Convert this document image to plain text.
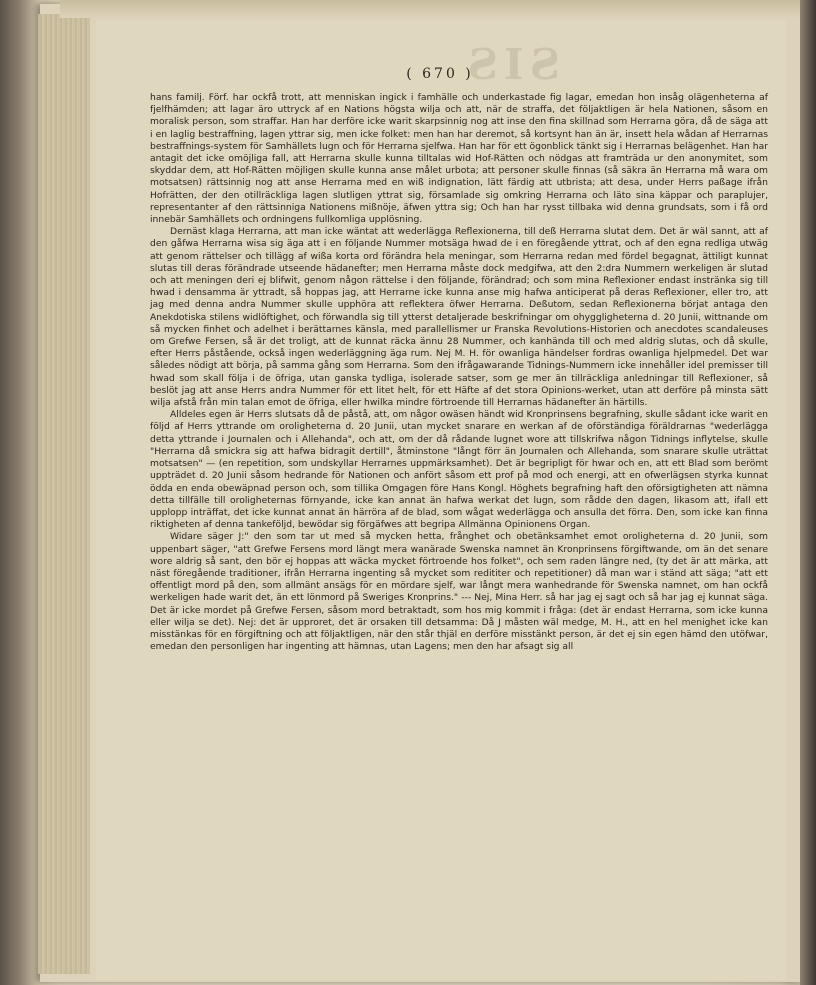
SIS
( 670 )

hans familj. Förf. har ockfå trott, att menniskan ingick i famhälle och underkastade fig lagar, emedan hon insåg olägenheterna af fjelfhämden; att lagar äro uttryck af en Nations högsta wilja och att, när de straffa, det följaktligen är hela Nationen, såsom en moralisk person, som straffar. Han har derföre icke warit skarpsinnig nog att inse den fina skillnad som Herrarna göra, då de säga att i en laglig bestraffning, lagen yttrar sig, men icke folket: men han har deremot, så kortsynt han än är, insett hela wådan af Herrarnas bestraffnings-system för Samhällets lugn och för Herrarna sjelfwa. Han har för ett ögonblick tänkt sig i Herrarnas belägenhet. Han har antagit det icke omöjliga fall, att Herrarna skulle kunna tilltalas wid Hof-Rätten och nödgas att framträda ur den anonymitet, som skyddar dem, att Hof-Rätten möjligen skulle kunna anse målet urbota; att personer skulle finnas (så säkra än Herrarna må wara om motsatsen) rättsinnig nog att anse Herrarna med en wiß indignation, lätt färdig att utbrista; att desa, under Herrs paßage ifrån Hofrätten, der den otillräckliga lagen slutligen yttrat sig, församlade sig omkring Herrarna och läto sina käppar och paraplujer, representanter af den rättsinniga Nationens mißnöje, äfwen yttra sig; Och han har rysst tillbaka wid denna grundsats, som i få ord innebär Samhällets och ordningens fullkomliga upplösning.

Dernäst klaga Herrarna, att man icke wäntat att wederlägga Reflexionerna, till deß Herrarna slutat dem. Det är wäl sannt, att af den gåfwa Herrarna wisa sig äga att i en följande Nummer motsäga hwad de i en föregående yttrat, och af den egna redliga utwäg att genom rättelser och tillägg af wißa korta ord förändra hela meningar, som Herrarna redan med fördel begagnat, ättiligt kunnat slutas till deras förändrade utseende hädanefter; men Herrarna måste dock medgifwa, att den 2:dra Nummern werkeligen är slutad och att meningen deri ej blifwit, genom någon rättelse i den följande, förändrad; och som mina Reflexioner endast instränka sig till hwad i densamma är yttradt, så hoppas jag, att Herrarne icke kunna anse mig hafwa anticiperat på deras Reflexioner, eller tro, att jag med denna andra Nummer skulle upphöra att reflektera öfwer Herrarna. Deßutom, sedan Reflexionerna börjat antaga den Anekdotiska stilens widlöftighet, och förwandla sig till ytterst detaljerade beskrifningar om ohyggligheterna d. 20 Junii, wittnande om så mycken finhet och adelhet i berättarnes känsla, med parallellismer ur Franska Revolutions-Historien och anecdotes scandaleuses om Grefwe Fersen, så är det troligt, att de kunnat räcka ännu 28 Nummer, och kanhända till och med aldrig slutas, och då skulle, efter Herrs påstående, också ingen wederläggning äga rum. Nej M. H. för owanliga händelser fordras owanliga hjelpmedel. Det war således nödigt att börja, på samma gång som Herrarna. Som den ifrågawarande Tidnings-Nummern icke innehåller idel premisser till hwad som skall följa i de öfriga, utan ganska tydliga, isolerade satser, som ge mer än tillräckliga anledningar till Reflexioner, så beslöt jag att anse Herrs andra Nummer för ett litet helt, för ett Häfte af det stora Opinions-werket, utan att derföre på minsta sätt wilja afstå från min talan emot de öfriga, eller hwilka mindre förtroende till Herrarnas hädanefter än härtills.

Alldeles egen är Herrs slutsats då de påstå, att, om någor owäsen händt wid Kronprinsens begrafning, skulle sådant icke warit en följd af Herrs yttrande om oroligheterna d. 20 Junii, utan mycket snarare en werkan af de oförständiga föräldrarnas "wederlägga detta yttrande i Journalen och i Allehanda", och att, om der då rådande lugnet wore att tillskrifwa någon Tidnings inflytelse, skulle "Herrarna då smickra sig att hafwa bidragit dertill", åtminstone "långt förr än Journalen och Allehanda, som snarare skulle uträttat motsatsen" — (en repetition, som undskyllar Herrarnes uppmärksamhet). Det är begripligt för hwar och en, att ett Blad som berömt uppträdet d. 20 Junii såsom hedrande för Nationen och anfört såsom ett prof på mod och energi, att en ofwerlägsen styrka kunnat ödda en enda obewäpnad person och, som tillika Omgagen före Hans Kongl. Höghets begrafning haft den oförsigtigheten att nämna detta tillfälle till oroligheternas förnyande, icke kan annat än hafwa werkat det lugn, som rådde den dagen, likasom att, ifall ett upplopp inträffat, det icke kunnat annat än härröra af de blad, som wågat wederlägga och ansulla det förra. Den, som icke kan finna riktigheten af denna tankeföljd, bewödar sig förgäfwes att begripa Allmänna Opinionens Organ.

Widare säger J:" den som tar ut med så mycken hetta, frånghet och obetänksamhet emot oroligheterna d. 20 Junii, som uppenbart säger, "att Grefwe Fersens mord längt mera wanärade Swenska namnet än Kronprinsens förgiftwande, om än det senare wore aldrig så sant, den bör ej hoppas att wäcka mycket förtroende hos folket", och sem raden längre ned, (ty det är att märka, att näst föregående traditioner, ifrån Herrarna ingenting så mycket som redititer och repetitioner) då man war i ständ att säga; "att ett offentligt mord på den, som allmänt ansägs för en mördare sjelf, war långt mera wanhedrande för Swenska namnet, om han ockfå werkeligen hade warit det, än ett lönmord på Sweriges Kronprins." --- Nej, Mina Herr. så har jag ej sagt och så har jag ej kunnat säga. Det är icke mordet på Grefwe Fersen, såsom mord betraktadt, som hos mig kommit i fråga: (det är endast Herrarna, som icke kunna eller wilja se det). Nej: det är upproret, det är orsaken till detsamma: Då J måsten wäl medge, M. H., att en hel menighet icke kan misstänkas för en förgiftning och att följaktligen, när den står thjäl en derföre misstänkt person, är det ej sin egen hämd den utöfwar, emedan den personligen har ingenting att hämnas, utan Lagens; men den har afsagt sig all
